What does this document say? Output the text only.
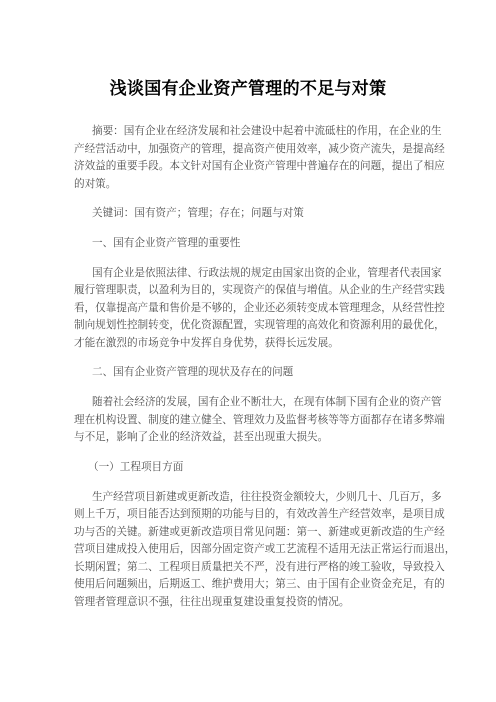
浅谈国有企业资产管理的不足与对策
摘要：国有企业在经济发展和社会建设中起着中流砥柱的作用，在企业的生
产经营活动中，加强资产的管理，提高资产使用效率，减少资产流失，是提高经
济效益的重要手段。本文针对国有企业资产管理中普遍存在的问题，提出了相应
的对策。
关键词：国有资产；管理；存在；问题与对策
一、国有企业资产管理的重要性
国有企业是依照法律、行政法规的规定由国家出资的企业，管理者代表国家
履行管理职责，以盈利为目的，实现资产的保值与增值。从企业的生产经营实践
看，仅靠提高产量和售价是不够的，企业还必须转变成本管理理念，从经营性控
制向规划性控制转变，优化资源配置，实现管理的高效化和资源利用的最优化，
才能在激烈的市场竞争中发挥自身优势，获得长远发展。
二、国有企业资产管理的现状及存在的问题
随着社会经济的发展，国有企业不断壮大，在现有体制下国有企业的资产管
理在机构设置、制度的建立健全、管理效力及监督考核等等方面都存在诸多弊端
与不足，影响了企业的经济效益，甚至出现重大损失。
（一）工程项目方面
生产经营项目新建或更新改造，往往投资金额较大，少则几十、几百万，多
则上千万，项目能否达到预期的功能与目的，有效改善生产经营效率，是项目成
功与否的关键。新建或更新改造项目常见问题：第一、新建或更新改造的生产经
营项目建成投入使用后，因部分固定资产或工艺流程不适用无法正常运行而退出，
长期闲置；第二、工程项目质量把关不严，没有进行严格的竣工验收，导致投入
使用后问题频出，后期返工、维护费用大；第三、由于国有企业资金充足，有的
管理者管理意识不强，往往出现重复建设重复投资的情况。
